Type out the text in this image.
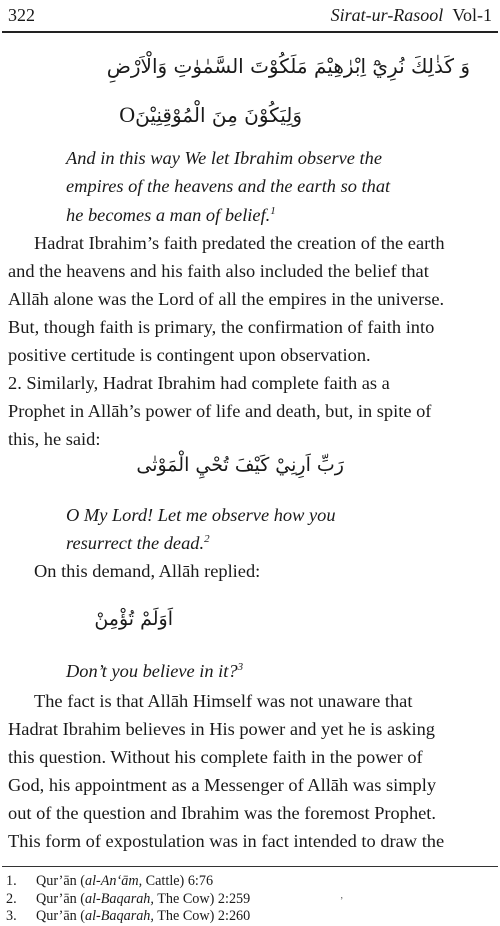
322	Sirat-ur-Rasool Vol-1
وَ كَذٰلِكَ نُرِيْٓ اِبْرٰهِيْمَ مَلَكُوْتَ السَّمٰوٰتِ وَالْاَرْضِ
وَلِيَكُوْنَ مِنَ الْمُوْقِنِيْنَO
And in this way We let Ibrahim observe the
empires of the heavens and the earth so that
he becomes a man of belief.$^1$
Hadrat Ibrahim’s faith predated the creation of the earth
and the heavens and his faith also included the belief that
Allāh alone was the Lord of all the empires in the universe.
But, though faith is primary, the confirmation of faith into
positive certitude is contingent upon observation.
2. Similarly, Hadrat Ibrahim had complete faith as a
Prophet in Allāh’s power of life and death, but, in spite of
this, he said:
رَبِّ اَرِنِيْ كَيْفَ تُحْيِ الْمَوْتٰى
O My Lord! Let me observe how you
resurrect the dead.$^2$
On this demand, Allāh replied:
اَوَلَمْ تُؤْمِنْ
Don’t you believe in it?$^3$
The fact is that Allāh Himself was not unaware that
Hadrat Ibrahim believes in His power and yet he is asking
this question. Without his complete faith in the power of
God, his appointment as a Messenger of Allāh was simply
out of the question and Ibrahim was the foremost Prophet.
This form of expostulation was in fact intended to draw the
1. Qur’ān (al-An‘ām, Cattle) 6:76
2. Qur’ān (al-Baqarah, The Cow) 2:259
3. Qur’ān (al-Baqarah, The Cow) 2:260
ʼ
